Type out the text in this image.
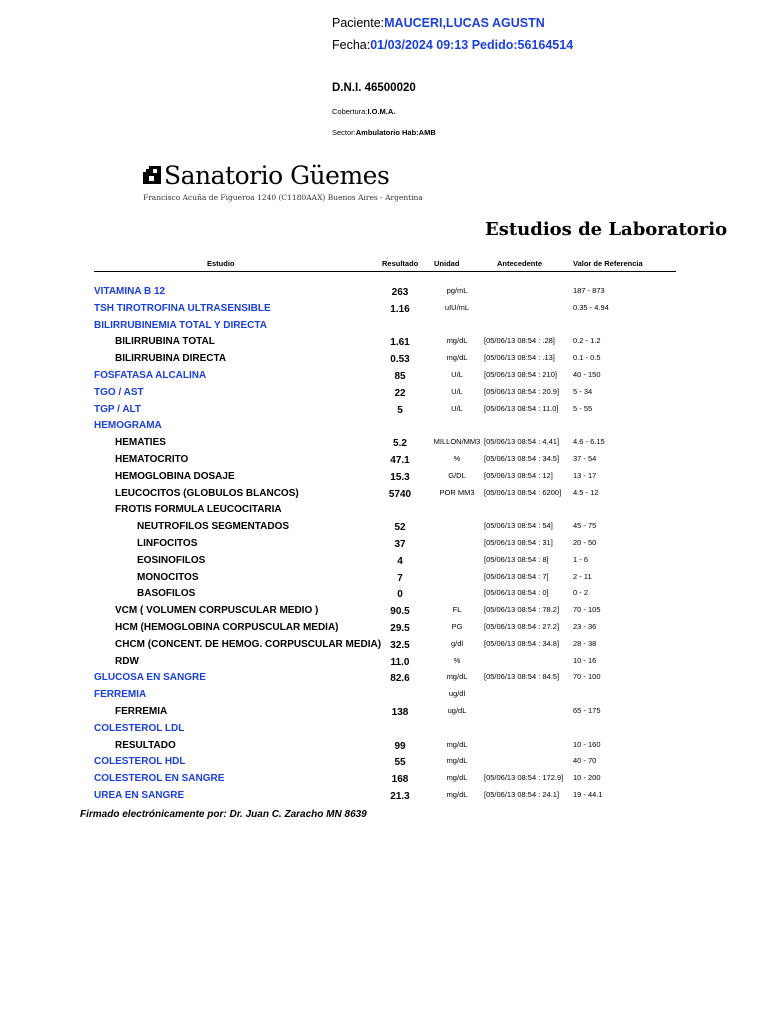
Paciente:MAUCERI,LUCAS AGUSTN
Fecha:01/03/2024 09:13 Pedido:56164514
D.N.I. 46500020
Cobertura:I.O.M.A.
Sector:Ambulatorio Hab:AMB
Sanatorio Güemes
Francisco Acuña de Figueroa 1240 (C1180AAX) Buenos Aires - Argentina
Estudios de Laboratorio
Estudio	Resultado Unidad	Antecedente	Valor de Referencia
VITAMINA B 12	263	pg/mL	187 - 873
TSH TIROTROFINA ULTRASENSIBLE	1.16	uIU/mL	0.35 - 4.94
BILIRRUBINEMIA TOTAL Y DIRECTA
BILIRRUBINA TOTAL	1.61	mg/dL	[05/06/13 08:54 : .28] 0.2 - 1.2
BILIRRUBINA DIRECTA	0.53	mg/dL	[05/06/13 08:54 : .13] 0.1 - 0.5
FOSFATASA ALCALINA	85	U/L	[05/06/13 08:54 : 210] 40 - 150
TGO / AST	22	U/L	[05/06/13 08:54 : 20.9] 5 - 34
TGP / ALT	5	U/L	[05/06/13 08:54 : 11.0] 5 - 55
HEMOGRAMA
HEMATIES	5.2	MILLON/MM3 [05/06/13 08:54 : 4.41] 4.6 - 6.15
HEMATOCRITO	47.1	%	[05/06/13 08:54 : 34.5] 37 - 54
HEMOGLOBINA DOSAJE	15.3	G/DL	[05/06/13 08:54 : 12]	13 - 17
LEUCOCITOS (GLOBULOS BLANCOS)	5740	POR MM3	[05/06/13 08:54 : 6200] 4.5 - 12
FROTIS FORMULA LEUCOCITARIA
NEUTROFILOS SEGMENTADOS	52	[05/06/13 08:54 : 54]	45 - 75
LINFOCITOS	37	[05/06/13 08:54 : 31]	20 - 50
EOSINOFILOS	4	[05/06/13 08:54 : 8]	1 - 6
MONOCITOS	7	[05/06/13 08:54 : 7]	2 - 11
BASOFILOS	0	[05/06/13 08:54 : 0]	0 - 2
VCM ( VOLUMEN CORPUSCULAR MEDIO )	90.5	FL	[05/06/13 08:54 : 78.2] 70 - 105
HCM (HEMOGLOBINA CORPUSCULAR MEDIA)	29.5	PG	[05/06/13 08:54 : 27.2] 23 - 36
CHCM (CONCENT. DE HEMOG. CORPUSCULAR MEDIA) 32.5	g/dl	[05/06/13 08:54 : 34.8] 28 - 38
RDW	11.0	%	10 - 16
GLUCOSA EN SANGRE	82.6	mg/dL	[05/06/13 08:54 : 84.5] 70 - 100
FERREMIA	ug/dl
FERREMIA	138	ug/dL	65 - 175
COLESTEROL LDL
RESULTADO	99	mg/dL	10 - 160
COLESTEROL HDL	55	mg/dL	40 - 70
COLESTEROL EN SANGRE	168	mg/dL	[05/06/13 08:54 : 172.9] 10 - 200
UREA EN SANGRE	21.3	mg/dL	[05/06/13 08:54 : 24.1] 19 - 44.1
Firmado electrónicamente por: Dr. Juan C. Zaracho MN 8639
